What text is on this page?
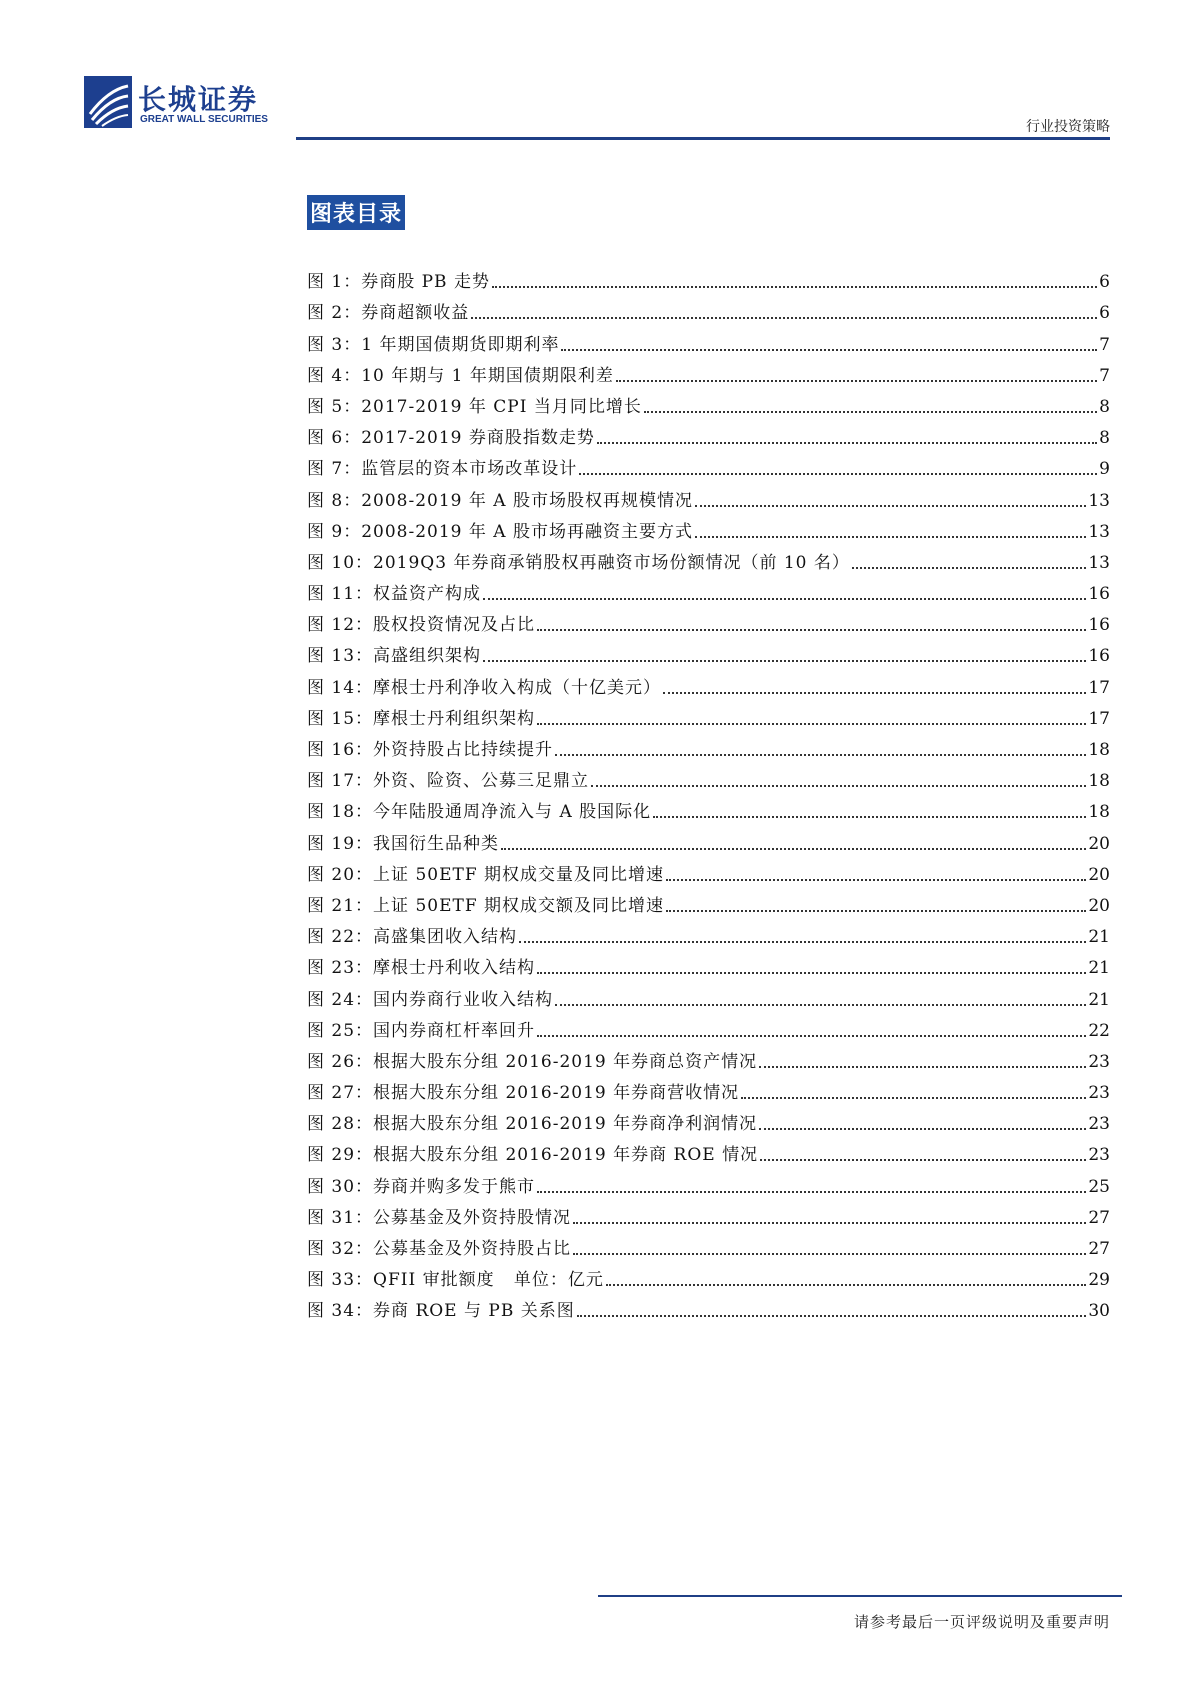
长城证券
GREAT WALL SECURITIES	行业投资策略
图表目录
图 1：券商股 PB 走势	6
图 2：券商超额收益	6
图 3：1 年期国债期货即期利率	7
图 4：10 年期与 1 年期国债期限利差	7
图 5：2017-2019 年 CPI 当月同比增长	8
图 6：2017-2019 券商股指数走势	8
图 7：监管层的资本市场改革设计	9
图 8：2008-2019 年 A 股市场股权再规模情况	13
图 9：2008-2019 年 A 股市场再融资主要方式	13
图 10：2019Q3 年券商承销股权再融资市场份额情况（前 10 名）	13
图 11：权益资产构成	16
图 12：股权投资情况及占比	16
图 13：高盛组织架构	16
图 14：摩根士丹利净收入构成（十亿美元）	17
图 15：摩根士丹利组织架构	17
图 16：外资持股占比持续提升	18
图 17：外资、险资、公募三足鼎立	18
图 18：今年陆股通周净流入与 A 股国际化	18
图 19：我国衍生品种类	20
图 20：上证 50ETF 期权成交量及同比增速	20
图 21：上证 50ETF 期权成交额及同比增速	20
图 22：高盛集团收入结构	21
图 23：摩根士丹利收入结构	21
图 24：国内券商行业收入结构	21
图 25：国内券商杠杆率回升	22
图 26：根据大股东分组 2016-2019 年券商总资产情况	23
图 27：根据大股东分组 2016-2019 年券商营收情况	23
图 28：根据大股东分组 2016-2019 年券商净利润情况	23
图 29：根据大股东分组 2016-2019 年券商 ROE 情况	23
图 30：券商并购多发于熊市	25
图 31：公募基金及外资持股情况	27
图 32：公募基金及外资持股占比	27
图 33：QFII 审批额度   单位：亿元	29
图 34：券商 ROE 与 PB 关系图	30
请参考最后一页评级说明及重要声明
